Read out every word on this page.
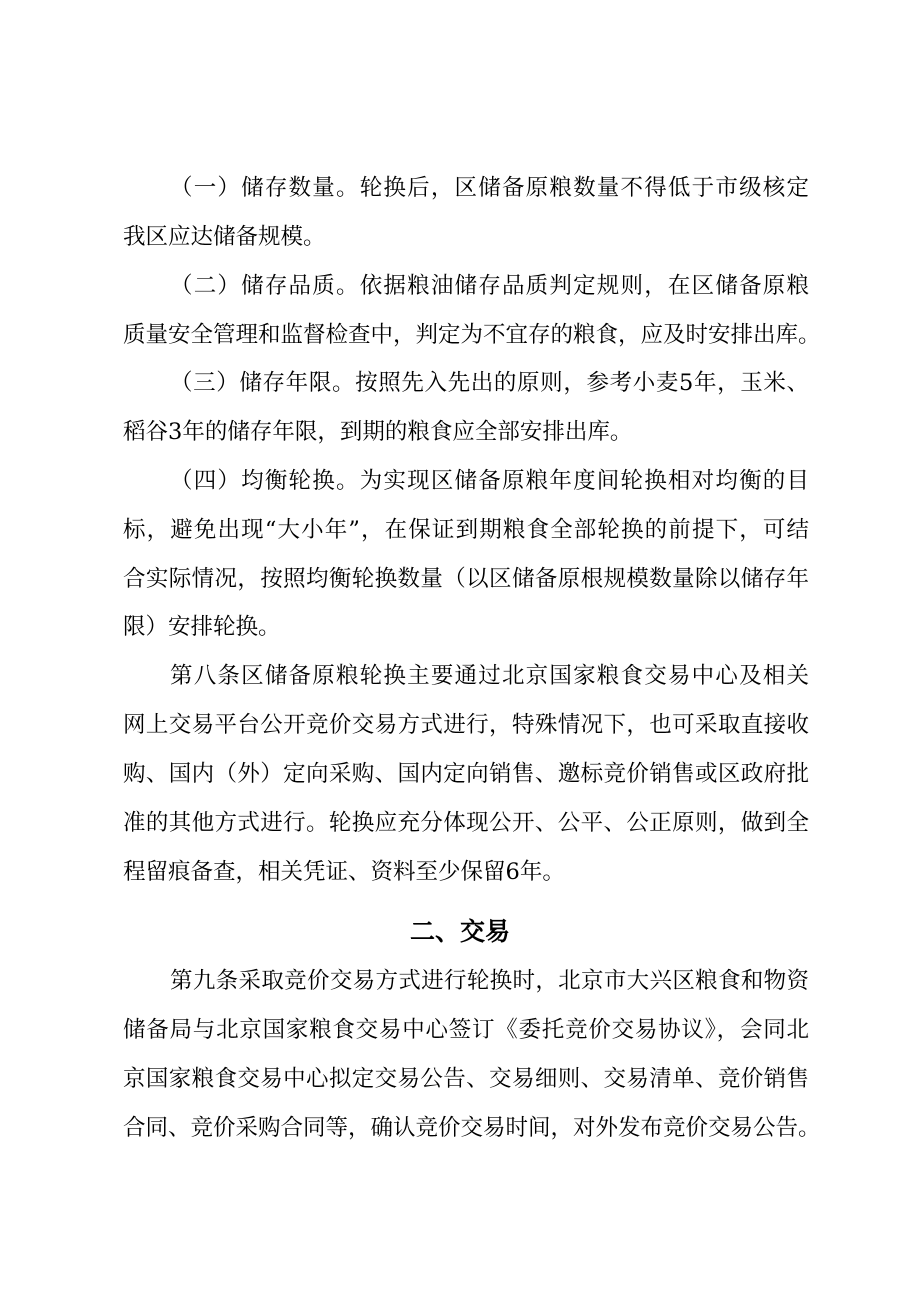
（一）储存数量。轮换后，区储备原粮数量不得低于市级核定
我区应达储备规模。
（二）储存品质。依据粮油储存品质判定规则，在区储备原粮
质量安全管理和监督检查中，判定为不宜存的粮食，应及时安排出库。
（三）储存年限。按照先入先出的原则，参考小麦5年，玉米、
稻谷3年的储存年限，到期的粮食应全部安排出库。
（四）均衡轮换。为实现区储备原粮年度间轮换相对均衡的目
标，避免出现“大小年”，在保证到期粮食全部轮换的前提下，可结
合实际情况，按照均衡轮换数量（以区储备原根规模数量除以储存年
限）安排轮换。
第八条区储备原粮轮换主要通过北京国家粮食交易中心及相关
网上交易平台公开竞价交易方式进行，特殊情况下，也可采取直接收
购、国内（外）定向采购、国内定向销售、邀标竞价销售或区政府批
准的其他方式进行。轮换应充分体现公开、公平、公正原则，做到全
程留痕备查，相关凭证、资料至少保留6年。
二、交易
第九条采取竞价交易方式进行轮换时，北京市大兴区粮食和物资
储备局与北京国家粮食交易中心签订《委托竞价交易协议》，会同北
京国家粮食交易中心拟定交易公告、交易细则、交易清单、竞价销售
合同、竞价采购合同等，确认竞价交易时间，对外发布竞价交易公告。
